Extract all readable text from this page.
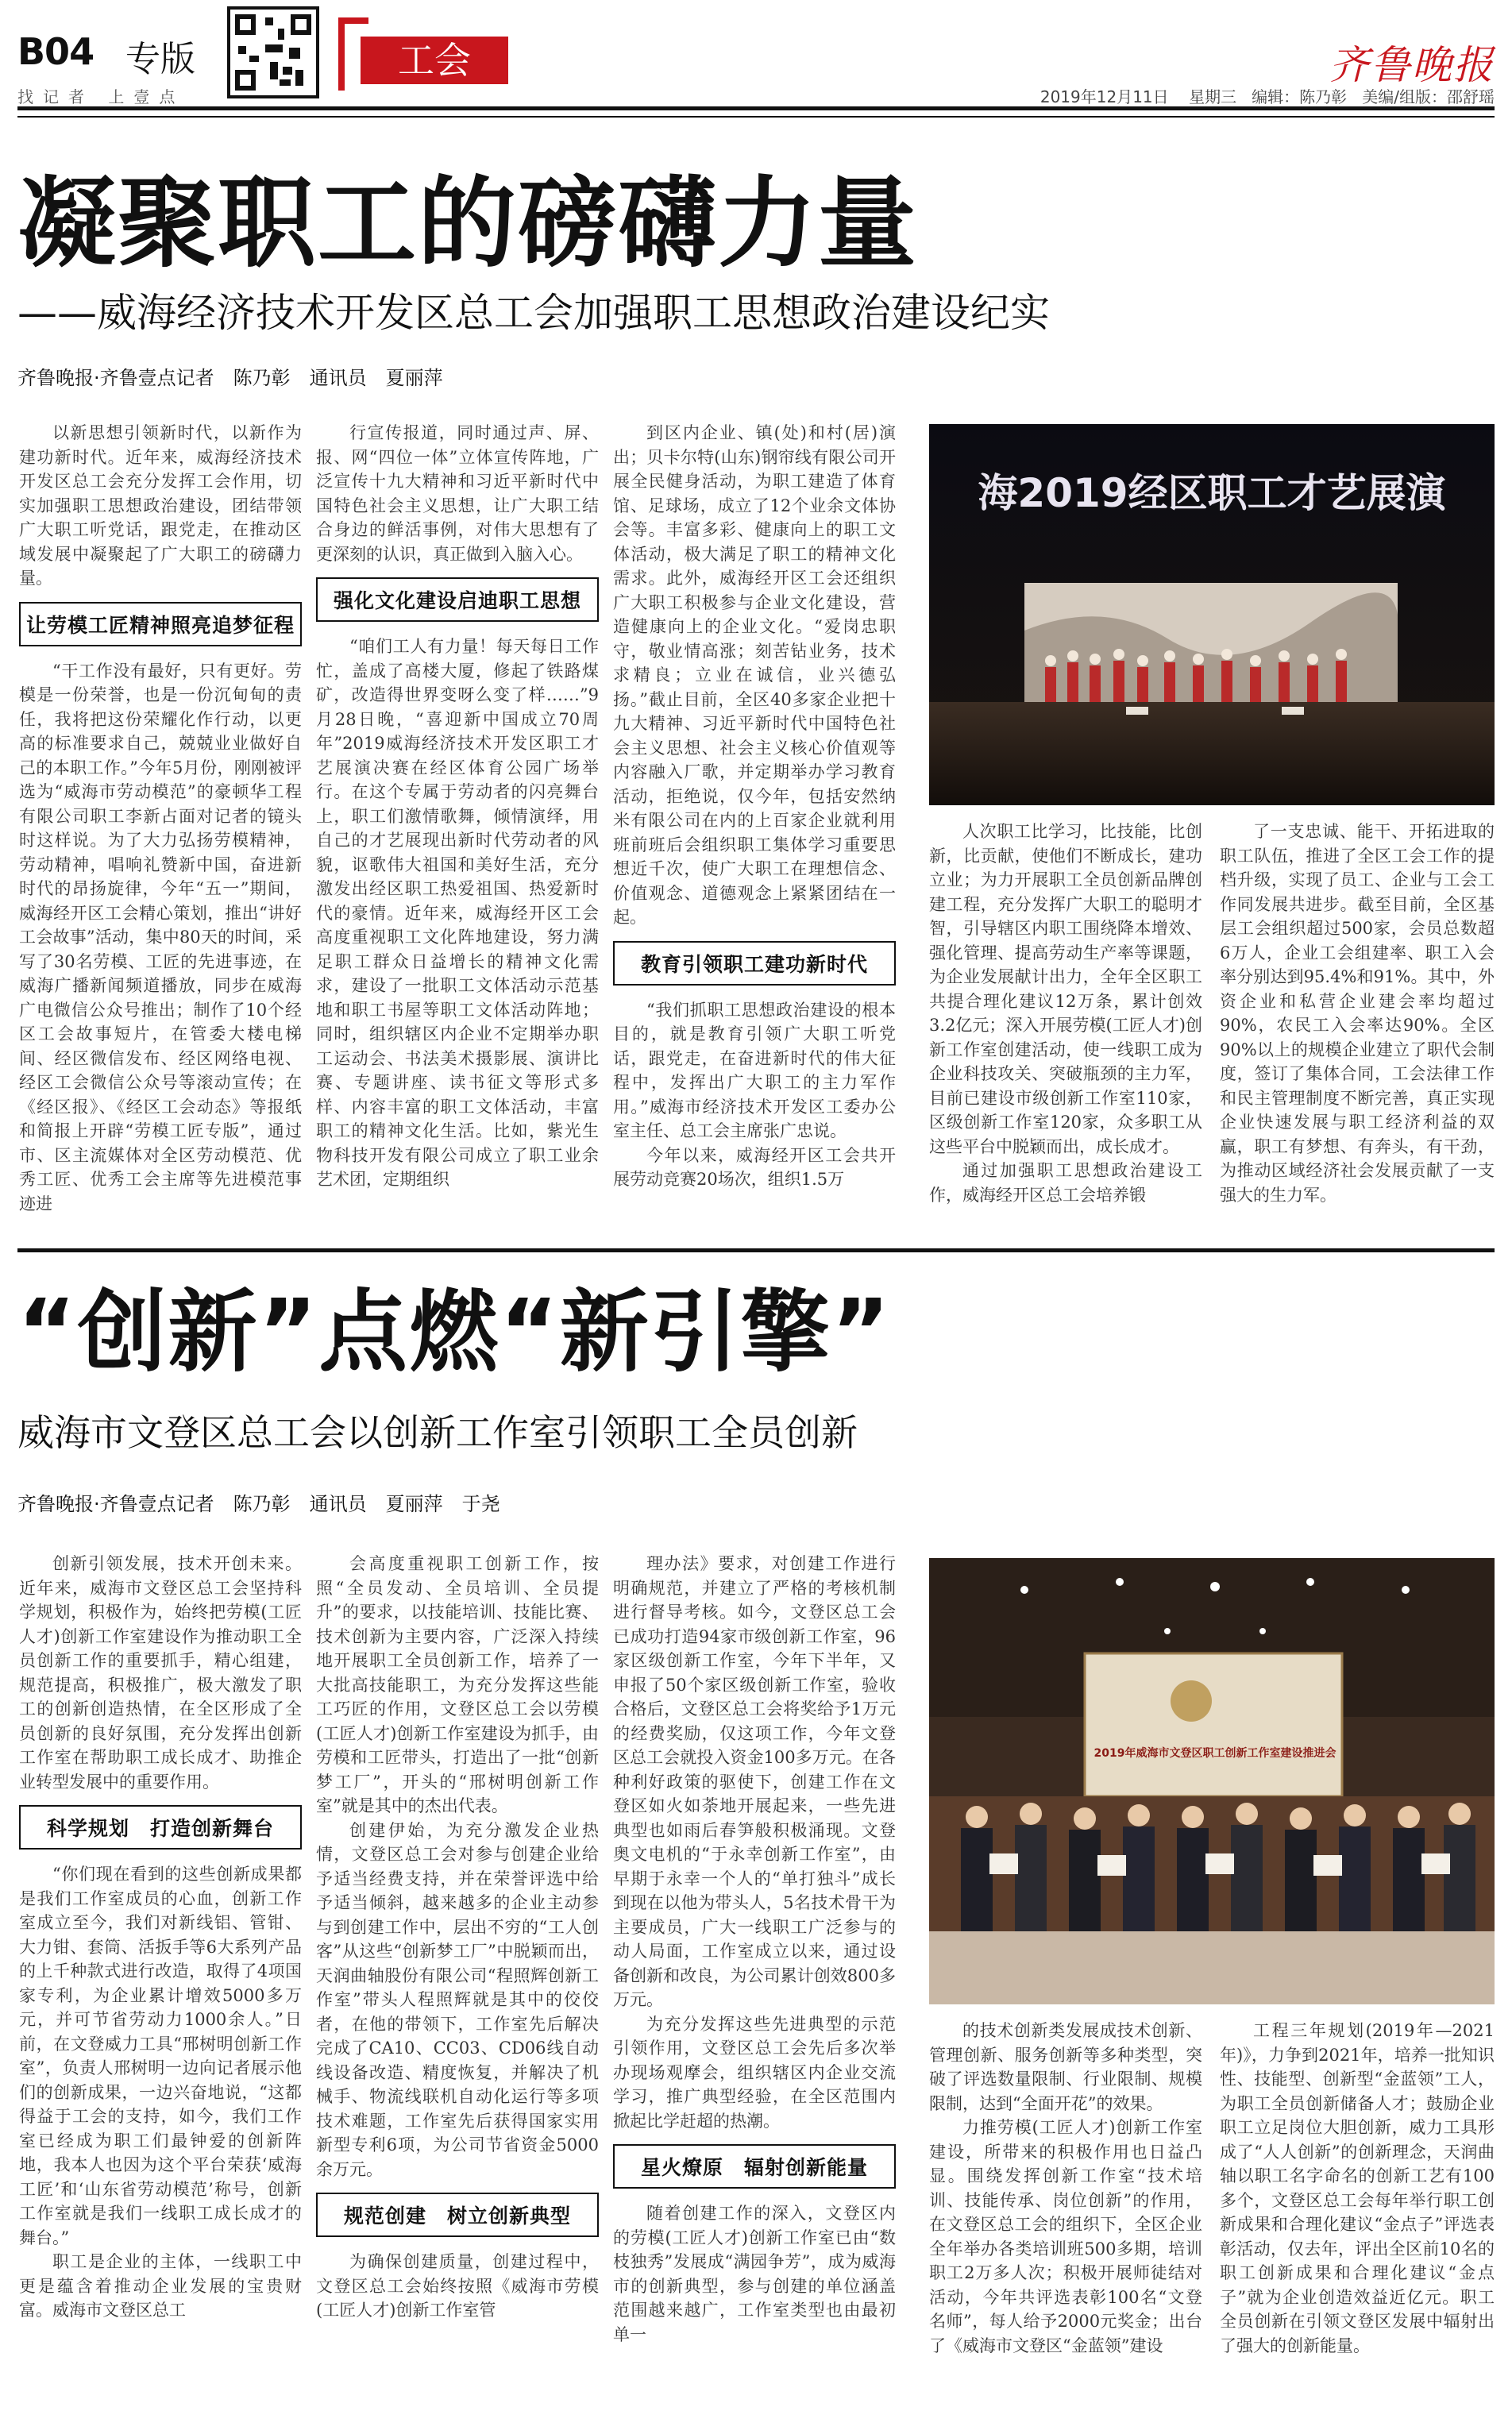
B04 专版	工会
找记者 上壹点
齐鲁晚报
2019年12月11日 星期三 编辑：陈乃彰 美编/组版：邵舒瑶
凝聚职工的磅礴力量
——威海经济技术开发区总工会加强职工思想政治建设纪实
齐鲁晚报·齐鲁壹点记者　陈乃彰　通讯员　夏丽萍

以新思想引领新时代，以新作为建功新时代。近年来，威海经济技术开发区总工会充分发挥工会作用，切实加强职工思想政治建设，团结带领广大职工听党话，跟党走，在推动区域发展中凝聚起了广大职工的磅礴力量。

让劳模工匠精神照亮追梦征程

“干工作没有最好，只有更好。劳模是一份荣誉，也是一份沉甸甸的责任，我将把这份荣耀化作行动，以更高的标准要求自己，兢兢业业做好自己的本职工作。”今年5月份，刚刚被评选为“威海市劳动模范”的豪顿华工程有限公司职工李新占面对记者的镜头时这样说。为了大力弘扬劳模精神，劳动精神，唱响礼赞新中国，奋进新时代的昂扬旋律，今年“五一”期间，威海经开区工会精心策划，推出“讲好工会故事”活动，集中80天的时间，采写了30名劳模、工匠的先进事迹，在威海广播新闻频道播放，同步在威海广电微信公众号推出；制作了10个经区工会故事短片，在管委大楼电梯间、经区微信发布、经区网络电视、经区工会微信公众号等滚动宣传；在《经区报》、《经区工会动态》等报纸和简报上开辟“劳模工匠专版”，通过市、区主流媒体对全区劳动模范、优秀工匠、优秀工会主席等先进模范事迹进

行宣传报道，同时通过声、屏、报、网“四位一体”立体宣传阵地，广泛宣传十九大精神和习近平新时代中国特色社会主义思想，让广大职工结合身边的鲜活事例，对伟大思想有了更深刻的认识，真正做到入脑入心。

强化文化建设启迪职工思想

“咱们工人有力量！每天每日工作忙，盖成了高楼大厦，修起了铁路煤矿，改造得世界变呀么变了样……”9月28日晚，“喜迎新中国成立70周年”2019威海经济技术开发区职工才艺展演决赛在经区体育公园广场举行。在这个专属于劳动者的闪亮舞台上，职工们激情歌舞，倾情演绎，用自己的才艺展现出新时代劳动者的风貌，讴歌伟大祖国和美好生活，充分激发出经区职工热爱祖国、热爱新时代的豪情。近年来，威海经开区工会高度重视职工文化阵地建设，努力满足职工群众日益增长的精神文化需求，建设了一批职工文体活动示范基地和职工书屋等职工文体活动阵地；同时，组织辖区内企业不定期举办职工运动会、书法美术摄影展、演讲比赛、专题讲座、读书征文等形式多样、内容丰富的职工文体活动，丰富职工的精神文化生活。比如，紫光生物科技开发有限公司成立了职工业余艺术团，定期组织

到区内企业、镇(处)和村(居)演出；贝卡尔特(山东)钢帘线有限公司开展全民健身活动，为职工建造了体育馆、足球场，成立了12个业余文体协会等。丰富多彩、健康向上的职工文体活动，极大满足了职工的精神文化需求。此外，威海经开区工会还组织广大职工积极参与企业文化建设，营造健康向上的企业文化。“爱岗忠职守，敬业情高涨；刻苦钻业务，技术求精良；立业在诚信，业兴德弘扬。”截止目前，全区40多家企业把十九大精神、习近平新时代中国特色社会主义思想、社会主义核心价值观等内容融入厂歌，并定期举办学习教育活动，拒绝说，仅今年，包括安然纳米有限公司在内的上百家企业就利用班前班后会组织职工集体学习重要思想近千次，使广大职工在理想信念、价值观念、道德观念上紧紧团结在一起。

教育引领职工建功新时代

“我们抓职工思想政治建设的根本目的，就是教育引领广大职工听党话，跟党走，在奋进新时代的伟大征程中，发挥出广大职工的主力军作用。”威海市经济技术开发区工委办公室主任、总工会主席张广忠说。

今年以来，威海经开区工会共开展劳动竞赛20场次，组织1.5万

海2019经区职工才艺展演

人次职工比学习，比技能，比创新，比贡献，使他们不断成长，建功立业；为力开展职工全员创新品牌创建工程，充分发挥广大职工的聪明才智，引导辖区内职工围绕降本增效、强化管理、提高劳动生产率等课题，为企业发展献计出力，全年全区职工共提合理化建议12万条，累计创效3.2亿元；深入开展劳模(工匠人才)创新工作室创建活动，使一线职工成为企业科技攻关、突破瓶颈的主力军，目前已建设市级创新工作室110家，区级创新工作室120家，众多职工从这些平台中脱颖而出，成长成才。

通过加强职工思想政治建设工作，威海经开区总工会培养锻

了一支忠诚、能干、开拓进取的职工队伍，推进了全区工会工作的提档升级，实现了员工、企业与工会工作同发展共进步。截至目前，全区基层工会组织超过500家，会员总数超6万人，企业工会组建率、职工入会率分别达到95.4%和91%。其中，外资企业和私营企业建会率均超过90%，农民工入会率达90%。全区90%以上的规模企业建立了职代会制度，签订了集体合同，工会法律工作和民主管理制度不断完善，真正实现企业快速发展与职工经济利益的双赢，职工有梦想、有奔头，有干劲，为推动区域经济社会发展贡献了一支强大的生力军。

“创新”点燃“新引擎”
威海市文登区总工会以创新工作室引领职工全员创新
齐鲁晚报·齐鲁壹点记者　陈乃彰　通讯员　夏丽萍　于尧

创新引领发展，技术开创未来。近年来，威海市文登区总工会坚持科学规划，积极作为，始终把劳模(工匠人才)创新工作室建设作为推动职工全员创新工作的重要抓手，精心组建，规范提高，积极推广，极大激发了职工的创新创造热情，在全区形成了全员创新的良好氛围，充分发挥出创新工作室在帮助职工成长成才、助推企业转型发展中的重要作用。

科学规划　打造创新舞台

“你们现在看到的这些创新成果都是我们工作室成员的心血，创新工作室成立至今，我们对新线铝、管钳、大力钳、套筒、活扳手等6大系列产品的上千种款式进行改造，取得了4项国家专利，为企业累计增效5000多万元，并可节省劳动力1000余人。”日前，在文登威力工具“邢树明创新工作室”，负责人邢树明一边向记者展示他们的创新成果，一边兴奋地说，“这都得益于工会的支持，如今，我们工作室已经成为职工们最钟爱的创新阵地，我本人也因为这个平台荣获‘威海工匠’和‘山东省劳动模范’称号，创新工作室就是我们一线职工成长成才的舞台。”

职工是企业的主体，一线职工中更是蕴含着推动企业发展的宝贵财富。威海市文登区总工

会高度重视职工创新工作，按照“全员发动、全员培训、全员提升”的要求，以技能培训、技能比赛、技术创新为主要内容，广泛深入持续地开展职工全员创新工作，培养了一大批高技能职工，为充分发挥这些能工巧匠的作用，文登区总工会以劳模(工匠人才)创新工作室建设为抓手，由劳模和工匠带头，打造出了一批“创新梦工厂”，开头的“邢树明创新工作室”就是其中的杰出代表。

创建伊始，为充分激发企业热情，文登区总工会对参与创建企业给予适当经费支持，并在荣誉评选中给予适当倾斜，越来越多的企业主动参与到创建工作中，层出不穷的“工人创客”从这些“创新梦工厂”中脱颖而出，天润曲轴股份有限公司“程照辉创新工作室”带头人程照辉就是其中的佼佼者，在他的带领下，工作室先后解决完成了CA10、CC03、CD06线自动线设备改造、精度恢复，并解决了机械手、物流线联机自动化运行等多项技术难题，工作室先后获得国家实用新型专利6项，为公司节省资金5000余万元。

规范创建　树立创新典型

为确保创建质量，创建过程中，文登区总工会始终按照《威海市劳模(工匠人才)创新工作室管

理办法》要求，对创建工作进行明确规范，并建立了严格的考核机制进行督导考核。如今，文登区总工会已成功打造94家市级创新工作室，96家区级创新工作室，今年下半年，又申报了50个家区级创新工作室，验收合格后，文登区总工会将奖给予1万元的经费奖励，仅这项工作，今年文登区总工会就投入资金100多万元。在各种利好政策的驱使下，创建工作在文登区如火如荼地开展起来，一些先进典型也如雨后春笋般积极涌现。文登奥文电机的“于永幸创新工作室”，由早期于永幸一个人的“单打独斗”成长到现在以他为带头人，5名技术骨干为主要成员，广大一线职工广泛参与的动人局面，工作室成立以来，通过设备创新和改良，为公司累计创效800多万元。

为充分发挥这些先进典型的示范引领作用，文登区总工会先后多次举办现场观摩会，组织辖区内企业交流学习，推广典型经验，在全区范围内掀起比学赶超的热潮。

星火燎原　辐射创新能量

随着创建工作的深入，文登区内的劳模(工匠人才)创新工作室已由“数枝独秀”发展成“满园争芳”，成为威海市的创新典型，参与创建的单位涵盖范围越来越广，工作室类型也由最初单一

2019年威海市文登区职工创新工作室建设推进会

的技术创新类发展成技术创新、管理创新、服务创新等多种类型，突破了评选数量限制、行业限制、规模限制，达到“全面开花”的效果。

力推劳模(工匠人才)创新工作室建设，所带来的积极作用也日益凸显。围绕发挥创新工作室“技术培训、技能传承、岗位创新”的作用，在文登区总工会的组织下，全区企业全年举办各类培训班500多期，培训职工2万多人次；积极开展师徒结对活动，今年共评选表彰100名“文登名师”，每人给予2000元奖金；出台了《威海市文登区“金蓝领”建设

工程三年规划(2019年—2021年)》，力争到2021年，培养一批知识性、技能型、创新型“金蓝领”工人，为职工全员创新储备人才；鼓励企业职工立足岗位大胆创新，威力工具形成了“人人创新”的创新理念，天润曲轴以职工名字命名的创新工艺有100多个，文登区总工会每年举行职工创新成果和合理化建议“金点子”评选表彰活动，仅去年，评出全区前10名的职工创新成果和合理化建议“金点子”就为企业创造效益近亿元。职工全员创新在引领文登区发展中辐射出了强大的创新能量。
